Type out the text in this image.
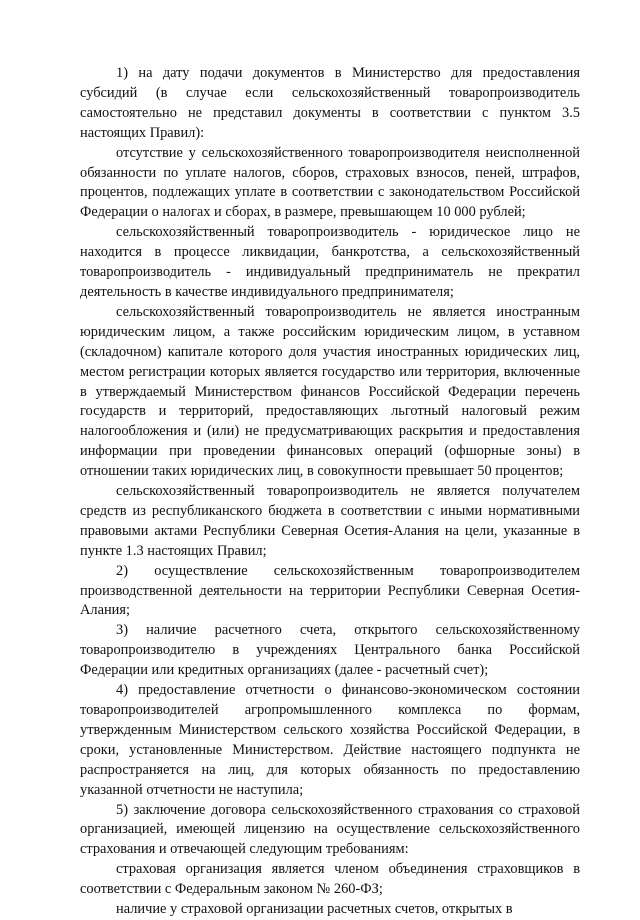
1) на дату подачи документов в Министерство для предоставления субсидий (в случае если сельскохозяйственный товаропроизводитель самостоятельно не представил документы в соответствии с пунктом 3.5 настоящих Правил):

отсутствие у сельскохозяйственного товаропроизводителя неисполненной обязанности по уплате налогов, сборов, страховых взносов, пеней, штрафов, процентов, подлежащих уплате в соответствии с законодательством Российской Федерации о налогах и сборах, в размере, превышающем 10 000 рублей;

сельскохозяйственный товаропроизводитель - юридическое лицо не находится в процессе ликвидации, банкротства, а сельскохозяйственный товаропроизводитель - индивидуальный предприниматель не прекратил деятельность в качестве индивидуального предпринимателя;

сельскохозяйственный товаропроизводитель не является иностранным юридическим лицом, а также российским юридическим лицом, в уставном (складочном) капитале которого доля участия иностранных юридических лиц, местом регистрации которых является государство или территория, включенные в утверждаемый Министерством финансов Российской Федерации перечень государств и территорий, предоставляющих льготный налоговый режим налогообложения и (или) не предусматривающих раскрытия и предоставления информации при проведении финансовых операций (офшорные зоны) в отношении таких юридических лиц, в совокупности превышает 50 процентов;

сельскохозяйственный товаропроизводитель не является получателем средств из республиканского бюджета в соответствии с иными нормативными правовыми актами Республики Северная Осетия-Алания на цели, указанные в пункте 1.3 настоящих Правил;

2) осуществление сельскохозяйственным товаропроизводителем производственной деятельности на территории Республики Северная Осетия-Алания;

3) наличие расчетного счета, открытого сельскохозяйственному товаропроизводителю в учреждениях Центрального банка Российской Федерации или кредитных организациях (далее - расчетный счет);

4) предоставление отчетности о финансово-экономическом состоянии товаропроизводителей агропромышленного комплекса по формам, утвержденным Министерством сельского хозяйства Российской Федерации, в сроки, установленные Министерством. Действие настоящего подпункта не распространяется на лиц, для которых обязанность по предоставлению указанной отчетности не наступила;

5) заключение договора сельскохозяйственного страхования со страховой организацией, имеющей лицензию на осуществление сельскохозяйственного страхования и отвечающей следующим требованиям:

страховая организация является членом объединения страховщиков в соответствии с Федеральным законом № 260-ФЗ;

наличие у страховой организации расчетных счетов, открытых в
